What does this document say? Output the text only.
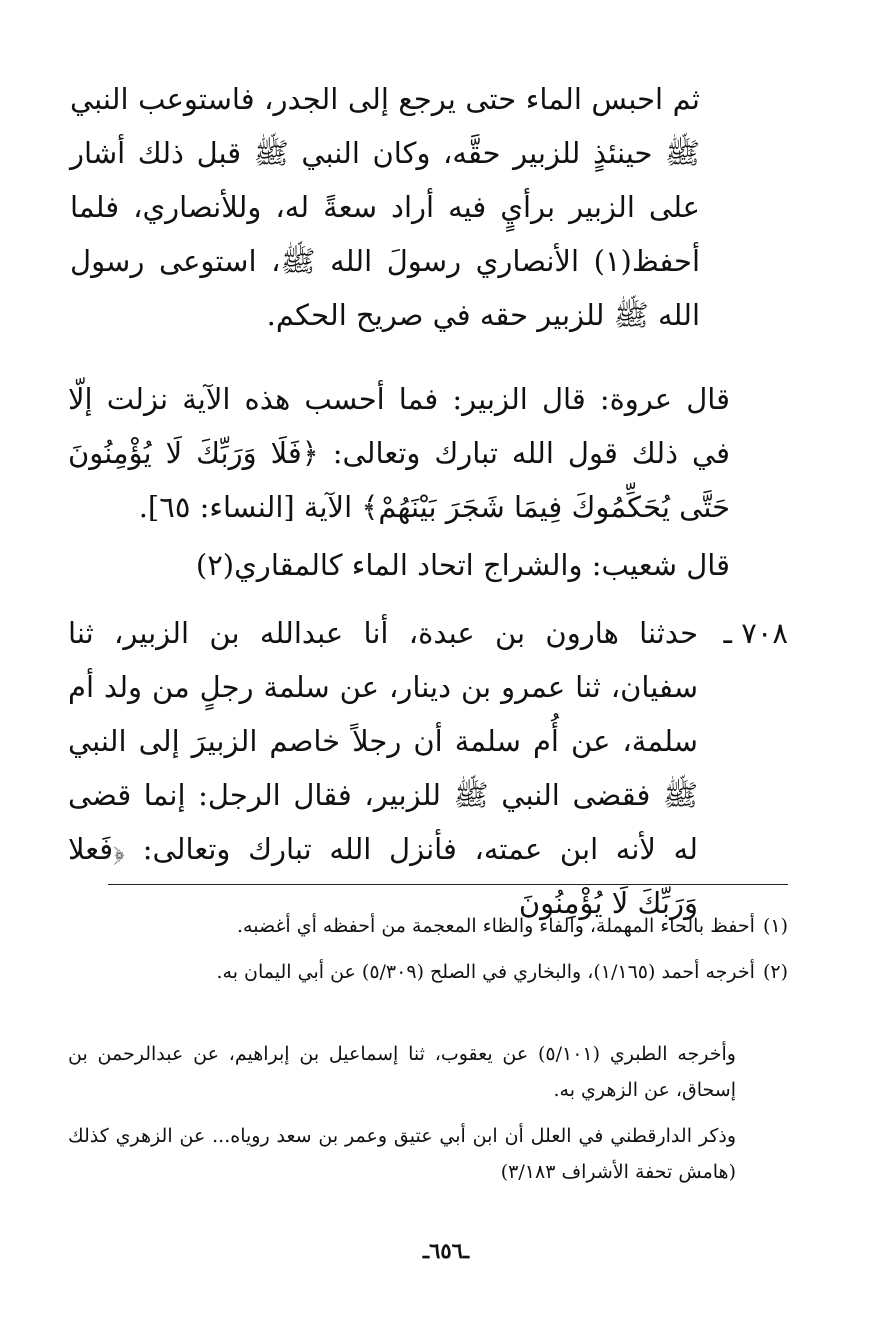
ثم احبس الماء حتى يرجع إلى الجدر، فاستوعب النبي ﷺ حينئذٍ للزبير حقَّه، وكان النبي ﷺ قبل ذلك أشار على الزبير برأيٍ فيه أراد سعةً له، وللأنصاري، فلما أحفظ(١) الأنصاري رسولَ الله ﷺ، استوعى رسول الله ﷺ للزبير حقه في صريح الحكم.

قال عروة: قال الزبير: فما أحسب هذه الآية نزلت إلّا في ذلك قول الله تبارك وتعالى: ﴿فَلَا وَرَبِّكَ لَا يُؤْمِنُونَ حَتَّى يُحَكِّمُوكَ فِيمَا شَجَرَ بَيْنَهُمْ﴾ الآية [النساء: ٦٥].

قال شعيب: والشراج اتحاد الماء كالمقاري(٢)

٧٠٨ ـ

حدثنا هارون بن عبدة، أنا عبدالله بن الزبير، ثنا سفيان، ثنا عمرو بن دينار، عن سلمة رجلٍ من ولد أم سلمة، عن أُم سلمة أن رجلاً خاصم الزبيرَ إلى النبي ﷺ فقضى النبي ﷺ للزبير، فقال الرجل: إنما قضى له لأنه ابن عمته، فأنزل الله تبارك وتعالى: ﴿فَعلا وَرَبِّكَ لَا يُؤْمِنُونَ

(١)
أحفظ بالحاء المهملة، والفاء والظاء المعجمة من أحفظه أي أغضبه.
(٢)
أخرجه أحمد (١/١٦٥)، والبخاري في الصلح (٥/٣٠٩) عن أبي اليمان به.

وأخرجه الطبري (٥/١٠١) عن يعقوب، ثنا إسماعيل بن إبراهيم، عن عبدالرحمن بن إسحاق، عن الزهري به.

وذكر الدارقطني في العلل أن ابن أبي عتيق وعمر بن سعد روياه... عن الزهري كذلك (هامش تحفة الأشراف ٣/١٨٣)

ـ٦٥٦ـ
